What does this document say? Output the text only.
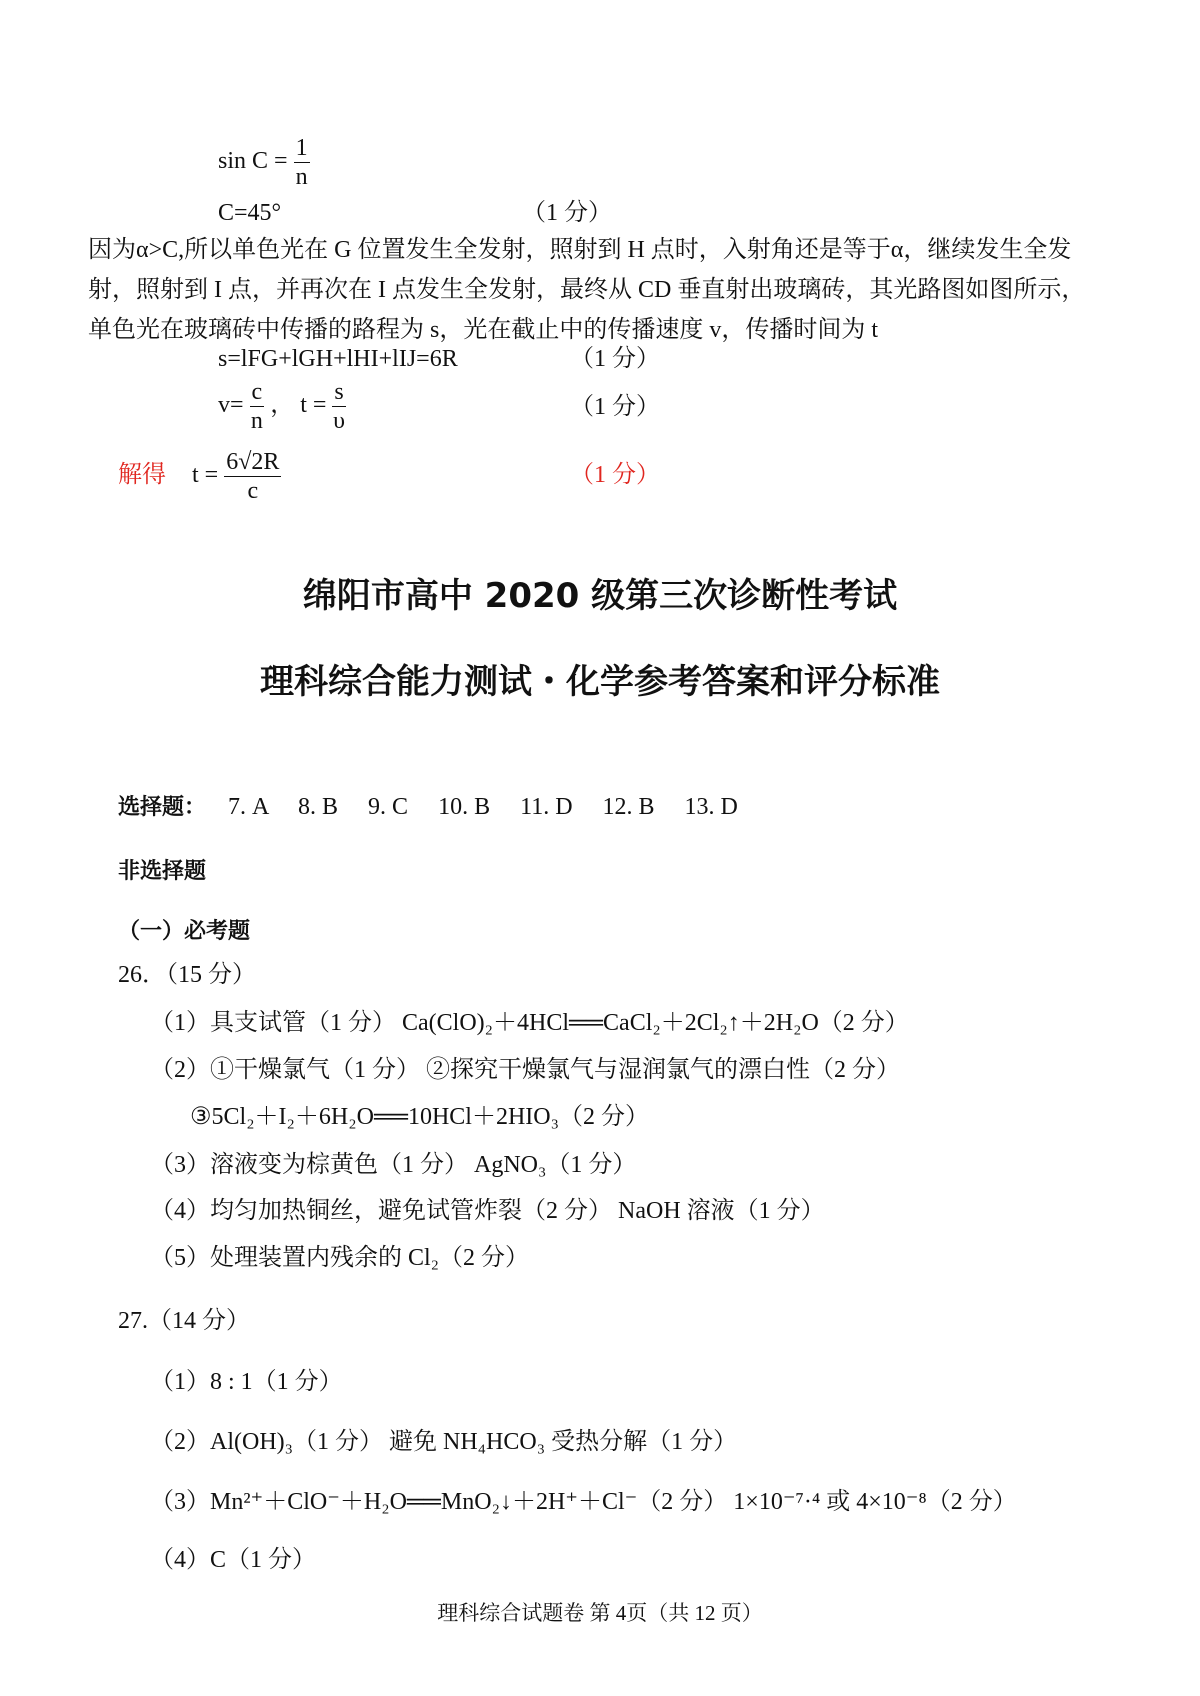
$\sin C = \frac{1}{n}$
C=45°	（1 分）
因为α>C,所以单色光在 G 位置发生全发射，照射到 H 点时，入射角还是等于α，继续发生全发射，照射到 I 点，并再次在 I 点发生全发射，最终从 CD 垂直射出玻璃砖，其光路图如图所示，单色光在玻璃砖中传播的路程为 s，光在截止中的传播速度 v，传播时间为 t
s=lFG+lGH+lHI+lIJ=6R	（1 分）
$v= \frac{c}{n}$ ， $t = \frac{s}{\upsilon}$	（1 分）
解得 $t = \frac{6√2R}{c}$	（1 分）
绵阳市高中 2020 级第三次诊断性考试
理科综合能力测试・化学参考答案和评分标准
选择题： 7. A 8. B 9. C 10. B 11. D 12. B 13. D
非选择题
（一）必考题
26．（15 分）
（1）具支试管（1 分） Ca(ClO)₂＋4HCl══CaCl₂＋2Cl₂↑＋2H₂O（2 分）
（2）①干燥氯气（1 分） ②探究干燥氯气与湿润氯气的漂白性（2 分）
③5Cl₂＋I₂＋6H₂O══10HCl＋2HIO₃（2 分）
（3）溶液变为棕黄色（1 分） AgNO₃（1 分）
（4）均匀加热铜丝，避免试管炸裂（2 分） NaOH 溶液（1 分）
（5）处理装置内残余的 Cl₂（2 分）
27.（14 分）
（1）8 : 1（1 分）
（2）Al(OH)₃（1 分） 避免 NH₄HCO₃ 受热分解（1 分）
（3）Mn²⁺＋ClO⁻＋H₂O══MnO₂↓＋2H⁺＋Cl⁻（2 分） 1×10⁻⁷·⁴ 或 4×10⁻⁸（2 分）
（4）C（1 分）
理科综合试题卷 第 4页（共 12 页）
